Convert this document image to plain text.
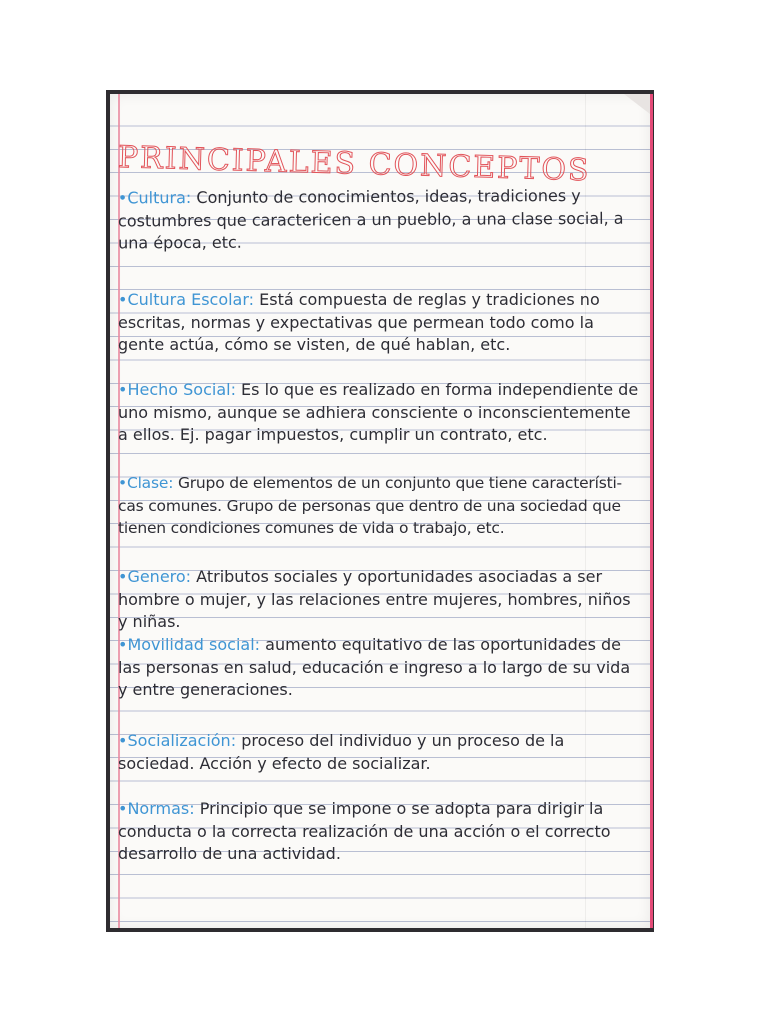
PRINCIPALES CONCEPTOS

•Cultura: Conjunto de conocimientos, ideas, tradiciones y costumbres que caractericen a un pueblo, a una clase social, a una época, etc.

•Cultura Escolar: Está compuesta de reglas y tradiciones no escritas, normas y expectativas que permean todo como la gente actúa, cómo se visten, de qué hablan, etc.

•Hecho Social: Es lo que es realizado en forma independiente de uno mismo, aunque se adhiera consciente o inconscientemente a ellos. Ej. pagar impuestos, cumplir un contrato, etc.

•Clase: Grupo de elementos de un conjunto que tiene característi-cas comunes. Grupo de personas que dentro de una sociedad que tienen condiciones comunes de vida o trabajo, etc.

•Genero: Atributos sociales y oportunidades asociadas a ser hombre o mujer, y las relaciones entre mujeres, hombres, niños y niñas.

•Movilidad social: aumento equitativo de las oportunidades de las personas en salud, educación e ingreso a lo largo de su vida y entre generaciones.

•Socialización: proceso del individuo y un proceso de la sociedad. Acción y efecto de socializar.

•Normas: Principio que se impone o se adopta para dirigir la conducta o la correcta realización de una acción o el correcto desarrollo de una actividad.
